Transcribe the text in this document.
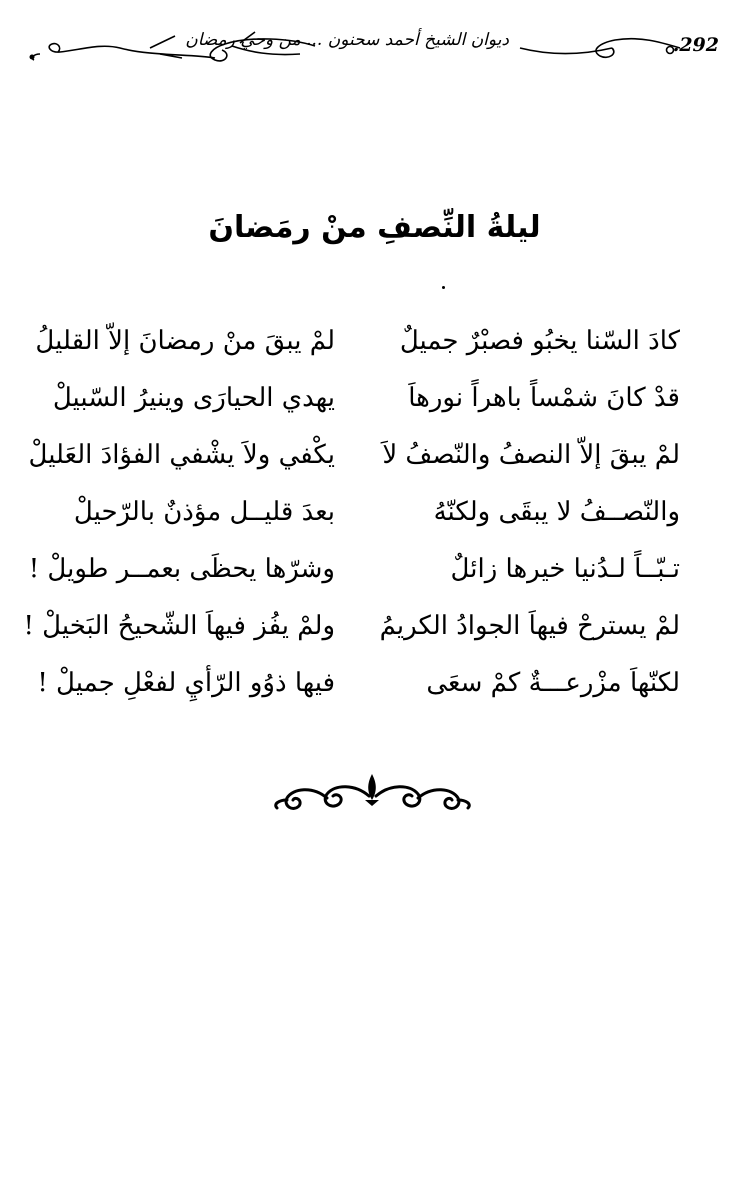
.292
ديوان الشيخ أحمد سحنون ... من وحي رمضان
ليلةُ النِّصفِ منْ رمَضانَ
كادَ السّنا يخبُو فصبْرٌ جميلٌ
لمْ يبقَ منْ رمضانَ إلاّ القليلُ
قدْ كانَ شمْساً باهراً نورهاَ
يهدي الحيارَى وينيرُ السّبيلْ
لمْ يبقَ إلاّ النصفُ والنّصفُ لاَ
يكْفي ولاَ يشْفي الفؤادَ العَليلْ
والنّصــفُ لا يبقَى ولكنّهُ
بعدَ قليــل مؤذنٌ بالرّحيلْ
تـبّــاً لـدُنيا خيرها زائلٌ
وشرّها يحظَى بعمــر طويلْ !
لمْ يسترحْ فيهاَ الجوادُ الكريمُ
ولمْ يفُز فيهاَ الشّحيحُ البَخيلْ !
لكنّهاَ مزْرعـــةٌ كمْ سعَى
فيها ذوُو الرّأيِ لفعْلِ جميلْ !
